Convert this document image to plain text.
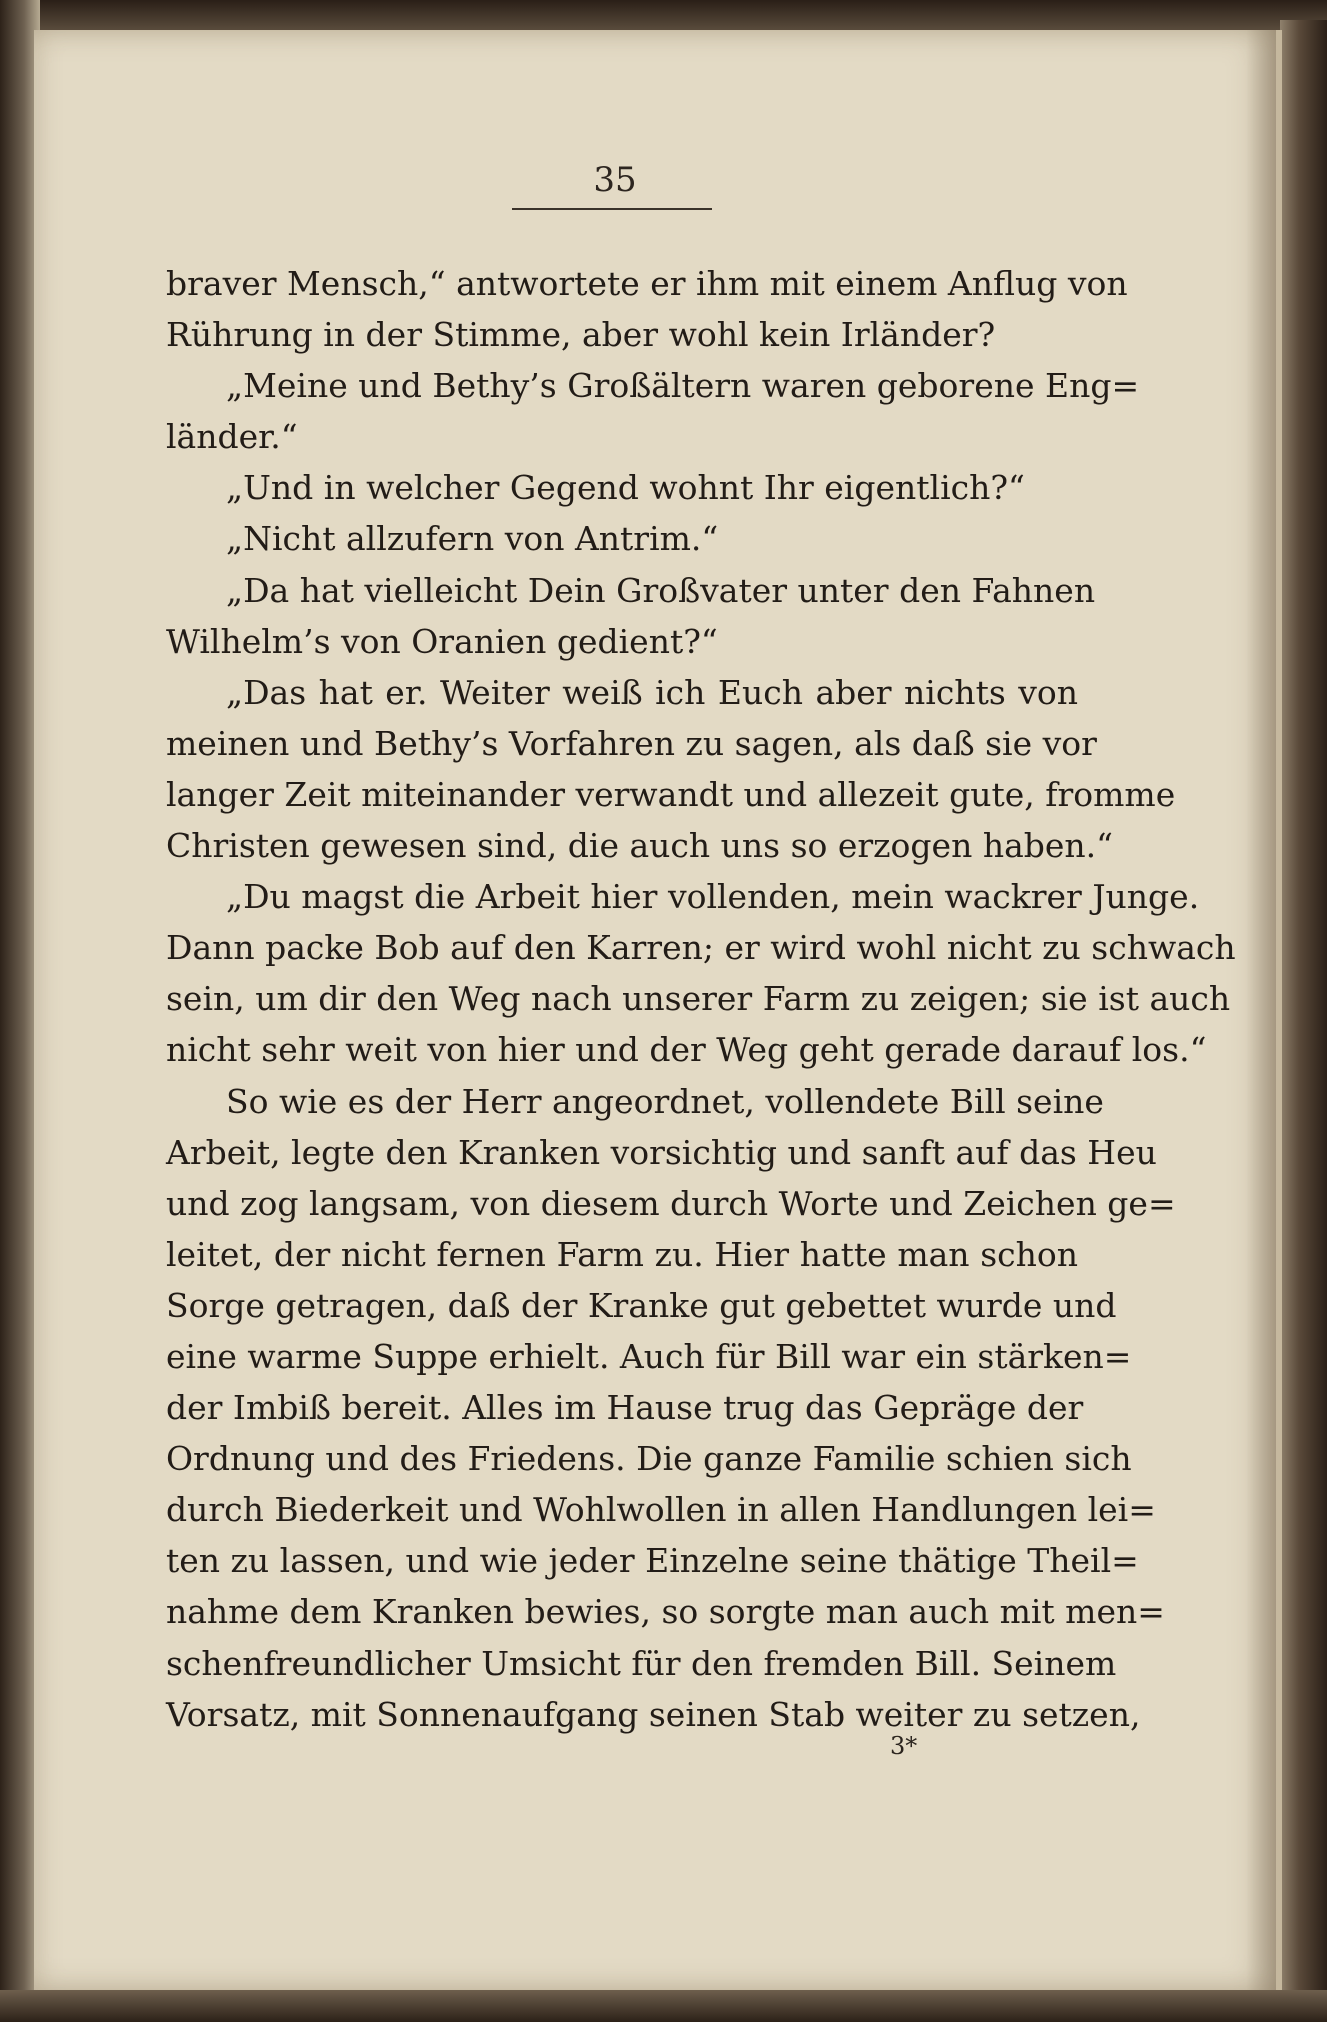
35
braver Mensch,“ antwortete er ihm mit einem Anflug von
Rührung in der Stimme, aber wohl kein Irländer?
„Meine und Bethy’s Großältern waren geborene Eng=
länder.“
„Und in welcher Gegend wohnt Ihr eigentlich?“
„Nicht allzufern von Antrim.“
„Da hat vielleicht Dein Großvater unter den Fahnen
Wilhelm’s von Oranien gedient?“
„Das hat er. Weiter weiß ich Euch aber nichts von
meinen und Bethy’s Vorfahren zu sagen, als daß sie vor
langer Zeit miteinander verwandt und allezeit gute, fromme
Christen gewesen sind, die auch uns so erzogen haben.“
„Du magst die Arbeit hier vollenden, mein wackrer Junge.
Dann packe Bob auf den Karren; er wird wohl nicht zu schwach
sein, um dir den Weg nach unserer Farm zu zeigen; sie ist auch
nicht sehr weit von hier und der Weg geht gerade darauf los.“
So wie es der Herr angeordnet, vollendete Bill seine
Arbeit, legte den Kranken vorsichtig und sanft auf das Heu
und zog langsam, von diesem durch Worte und Zeichen ge=
leitet, der nicht fernen Farm zu. Hier hatte man schon
Sorge getragen, daß der Kranke gut gebettet wurde und
eine warme Suppe erhielt. Auch für Bill war ein stärken=
der Imbiß bereit. Alles im Hause trug das Gepräge der
Ordnung und des Friedens. Die ganze Familie schien sich
durch Biederkeit und Wohlwollen in allen Handlungen lei=
ten zu lassen, und wie jeder Einzelne seine thätige Theil=
nahme dem Kranken bewies, so sorgte man auch mit men=
schenfreundlicher Umsicht für den fremden Bill. Seinem
Vorsatz, mit Sonnenaufgang seinen Stab weiter zu setzen,
3*
